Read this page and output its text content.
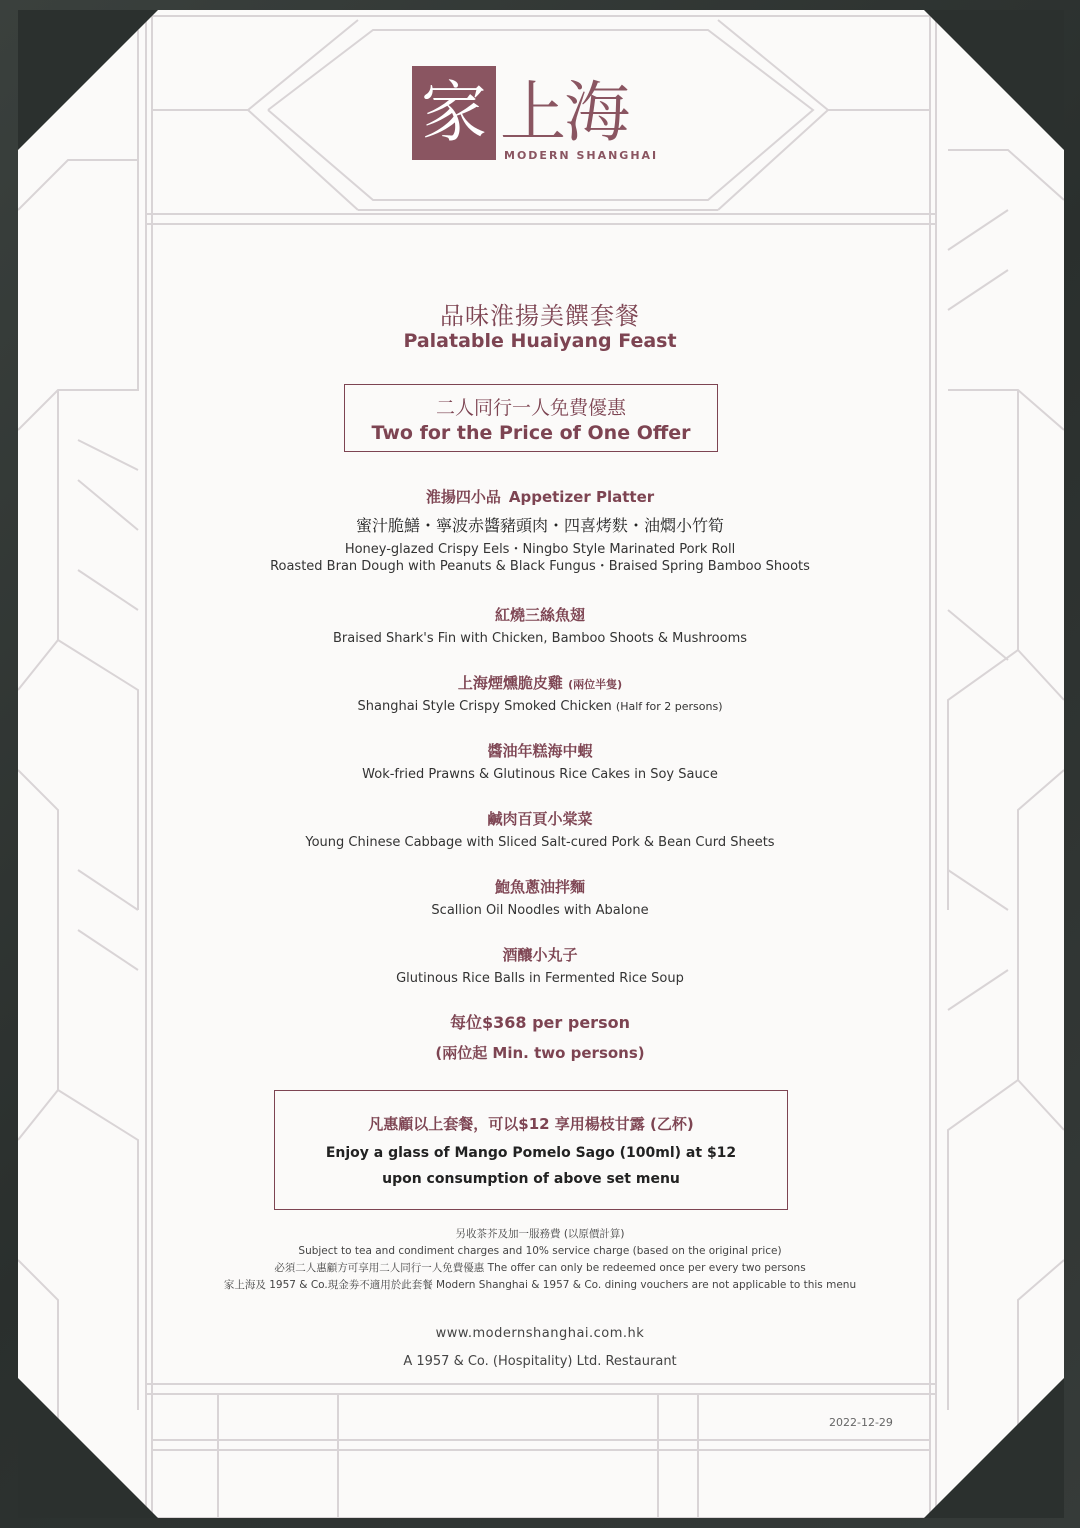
家 上海
MODERN SHANGHAI
品味淮揚美饌套餐
Palatable Huaiyang Feast
二人同行一人免費優惠
Two for the Price of One Offer
淮揚四小品 Appetizer Platter
蜜汁脆鱔・寧波赤醬豬頭肉・四喜烤麩・油燜小竹筍
Honey-glazed Crispy Eels・Ningbo Style Marinated Pork Roll
Roasted Bran Dough with Peanuts & Black Fungus・Braised Spring Bamboo Shoots
紅燒三絲魚翅
Braised Shark's Fin with Chicken, Bamboo Shoots & Mushrooms
上海煙燻脆皮雞 (兩位半隻)
Shanghai Style Crispy Smoked Chicken (Half for 2 persons)
醬油年糕海中蝦
Wok-fried Prawns & Glutinous Rice Cakes in Soy Sauce
鹹肉百頁小棠菜
Young Chinese Cabbage with Sliced Salt-cured Pork & Bean Curd Sheets
鮑魚蔥油拌麵
Scallion Oil Noodles with Abalone
酒釀小丸子
Glutinous Rice Balls in Fermented Rice Soup
每位$368 per person
(兩位起 Min. two persons)
凡惠顧以上套餐，可以$12 享用楊枝甘露 (乙杯)
Enjoy a glass of Mango Pomelo Sago (100ml) at $12
upon consumption of above set menu
另收茶芥及加一服務費 (以原價計算)
Subject to tea and condiment charges and 10% service charge (based on the original price)
必須二人惠顧方可享用二人同行一人免費優惠 The offer can only be redeemed once per every two persons
家上海及 1957 & Co.現金劵不適用於此套餐 Modern Shanghai & 1957 & Co. dining vouchers are not applicable to this menu
www.modernshanghai.com.hk
A 1957 & Co. (Hospitality) Ltd. Restaurant
2022-12-29
